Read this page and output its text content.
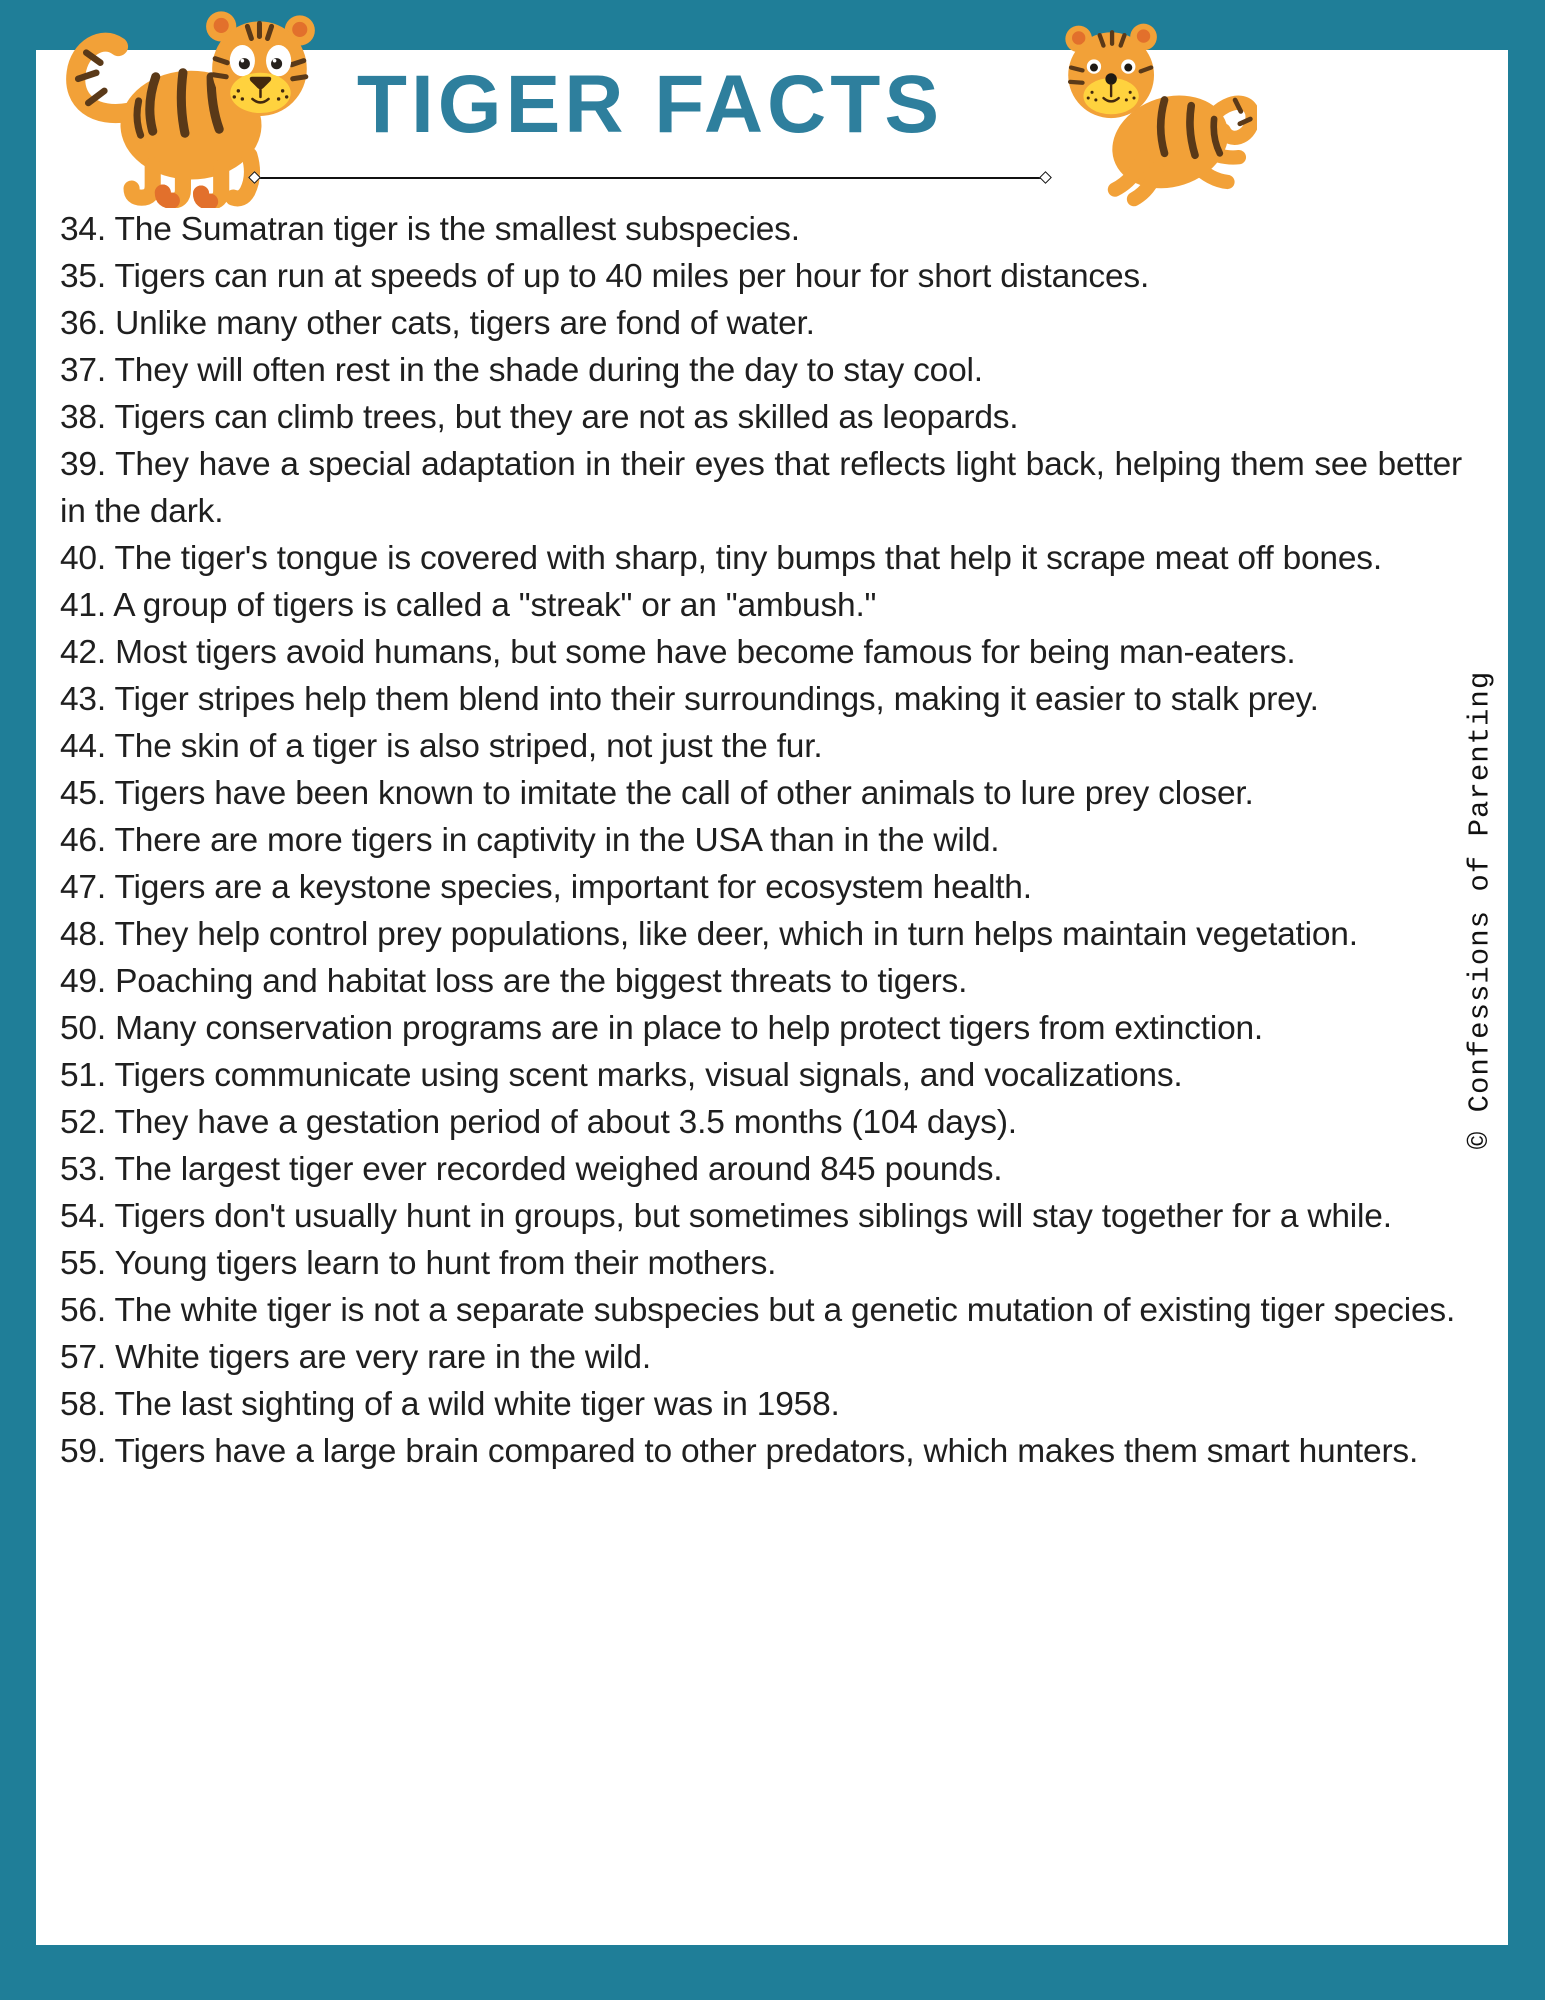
TIGER FACTS
34. The Sumatran tiger is the smallest subspecies.
35. Tigers can run at speeds of up to 40 miles per hour for short distances.
36. Unlike many other cats, tigers are fond of water.
37. They will often rest in the shade during the day to stay cool.
38. Tigers can climb trees, but they are not as skilled as leopards.
39. They have a special adaptation in their eyes that reflects light back, helping them see better in the dark.
40. The tiger's tongue is covered with sharp, tiny bumps that help it scrape meat off bones.
41. A group of tigers is called a "streak" or an "ambush."
42. Most tigers avoid humans, but some have become famous for being man-eaters.
43. Tiger stripes help them blend into their surroundings, making it easier to stalk prey.
44. The skin of a tiger is also striped, not just the fur.
45. Tigers have been known to imitate the call of other animals to lure prey closer.
46. There are more tigers in captivity in the USA than in the wild.
47. Tigers are a keystone species, important for ecosystem health.
48. They help control prey populations, like deer, which in turn helps maintain vegetation.
49. Poaching and habitat loss are the biggest threats to tigers.
50. Many conservation programs are in place to help protect tigers from extinction.
51. Tigers communicate using scent marks, visual signals, and vocalizations.
52. They have a gestation period of about 3.5 months (104 days).
53. The largest tiger ever recorded weighed around 845 pounds.
54. Tigers don't usually hunt in groups, but sometimes siblings will stay together for a while.
55. Young tigers learn to hunt from their mothers.
56. The white tiger is not a separate subspecies but a genetic mutation of existing tiger species.
57. White tigers are very rare in the wild.
58. The last sighting of a wild white tiger was in 1958.
59. Tigers have a large brain compared to other predators, which makes them smart hunters.
© Confessions of Parenting
